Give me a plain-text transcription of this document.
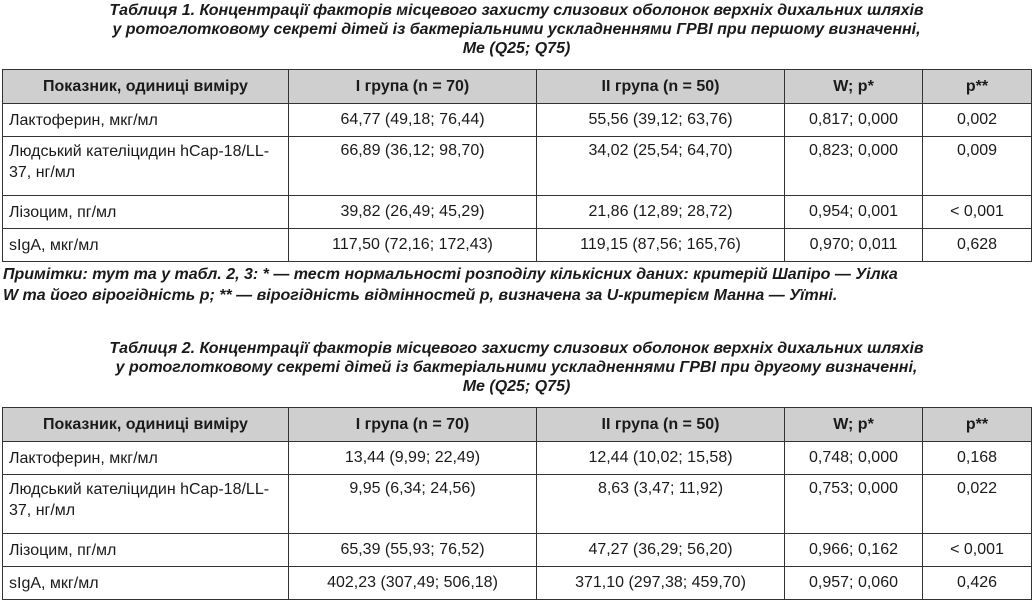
Таблиця 1. Концентрації факторів місцевого захисту слизових оболонок верхніх дихальних шляхів
у ротоглотковому секреті дітей із бактеріальними ускладненнями ГРВІ при першому визначенні,
Me (Q25; Q75)
Показник, одиниці виміру	I група (n = 70)	II група (n = 50)	W; p*	p**
Лактоферин, мкг/мл	64,77 (49,18; 76,44)	55,56 (39,12; 63,76)	0,817; 0,000	0,002
Людський кателіцидин hCap-18/LL-37, нг/мл	66,89 (36,12; 98,70)	34,02 (25,54; 64,70)	0,823; 0,000	0,009
Лізоцим, пг/мл	39,82 (26,49; 45,29)	21,86 (12,89; 28,72)	0,954; 0,001	< 0,001
sIgA, мкг/мл	117,50 (72,16; 172,43)	119,15 (87,56; 165,76)	0,970; 0,011	0,628
Примітки: тут та у табл. 2, 3: * — тест нормальності розподілу кількісних даних: критерій Шапіро — Уілка
W та його вірогідність р; ** — вірогідність відмінностей р, визначена за U-критерієм Манна — Уїтні.
Таблиця 2. Концентрації факторів місцевого захисту слизових оболонок верхніх дихальних шляхів
у ротоглотковому секреті дітей із бактеріальними ускладненнями ГРВІ при другому визначенні,
Me (Q25; Q75)
Показник, одиниці виміру	I група (n = 70)	II група (n = 50)	W; p*	p**
Лактоферин, мкг/мл	13,44 (9,99; 22,49)	12,44 (10,02; 15,58)	0,748; 0,000	0,168
Людський кателіцидин hCap-18/LL-37, нг/мл	9,95 (6,34; 24,56)	8,63 (3,47; 11,92)	0,753; 0,000	0,022
Лізоцим, пг/мл	65,39 (55,93; 76,52)	47,27 (36,29; 56,20)	0,966; 0,162	< 0,001
sIgA, мкг/мл	402,23 (307,49; 506,18)	371,10 (297,38; 459,70)	0,957; 0,060	0,426
